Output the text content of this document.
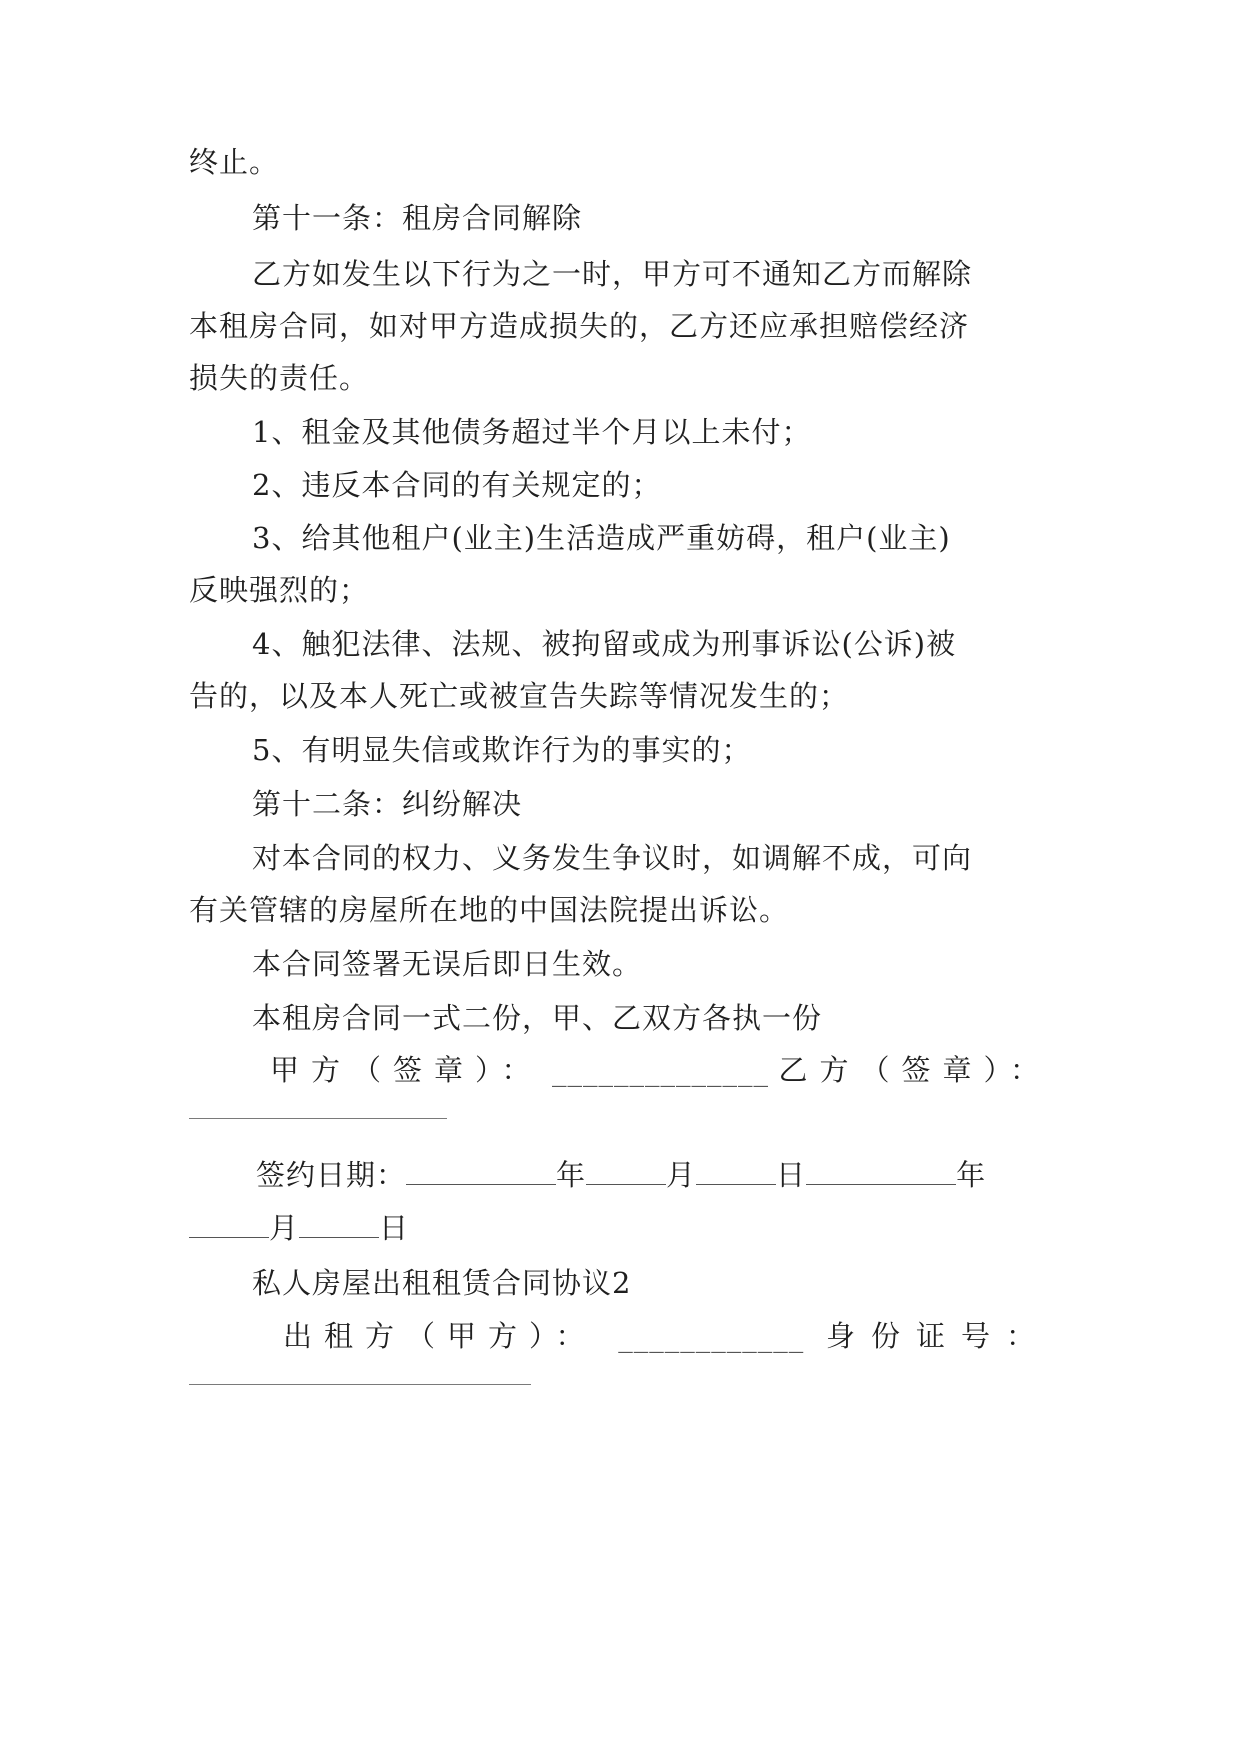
终止。
第十一条：租房合同解除
乙方如发生以下行为之一时，甲方可不通知乙方而解除
本租房合同，如对甲方造成损失的，乙方还应承担赔偿经济
损失的责任。
1、租金及其他债务超过半个月以上未付；
2、违反本合同的有关规定的；
3、给其他租户(业主)生活造成严重妨碍，租户(业主)
反映强烈的；
4、触犯法律、法规、被拘留或成为刑事诉讼(公诉)被
告的，以及本人死亡或被宣告失踪等情况发生的；
5、有明显失信或欺诈行为的事实的；
第十二条：纠纷解决
对本合同的权力、义务发生争议时，如调解不成，可向
有关管辖的房屋所在地的中国法院提出诉讼。
本合同签署无误后即日生效。
本租房合同一式二份，甲、乙双方各执一份
甲方（签章）： ______________ 乙方（签章）：
签约日期：	年	月	日	年
月	日
私人房屋出租租赁合同协议2
出租方（甲方）： ____________ 身份证号：
